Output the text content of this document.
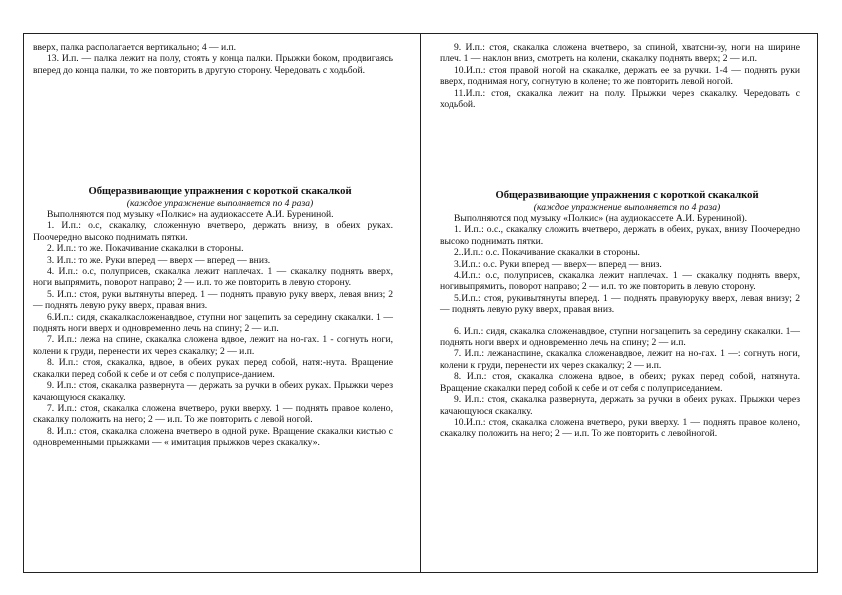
вверх, палка располагается вертикально; 4 — и.п.

13. И.п. — палка лежит на полу, стоять у конца палки. Прыжки боком, продвигаясь вперед до конца палки, то же повторить в другую сторону. Чередовать с ходьбой.

Общеразвивающие упражнения с короткой скакалкой

(каждое упражнение выполняется по 4 раза)

Выполняются под музыку «Полкис» на аудиокассете А.И. Бурениной.

1. И.п.: о.с, скакалку, сложенную вчетверо, держать внизу, в обеих руках. Поочередно высоко поднимать пятки.

2. И.п.: то же. Покачивание скакалки в стороны.

3. И.п.: то же. Руки вперед — вверх — вперед — вниз.

4. И.п.: о.с, полуприсев, скакалка лежит наплечах. 1 — скакалку поднять вверх, ноги выпрямить, поворот направо; 2 — и.п. то же повторить в левую сторону.

5. И.п.: стоя, руки вытянуты вперед. 1 — поднять правую руку вверх, левая вниз; 2 — поднять левую руку вверх, правая вниз.

6.И.п.: сидя, скакалкасложенавдвое, ступни ног зацепить за середину скакалки. 1 — поднять ноги вверх и одновременно лечь на спину; 2 — и.п.

7. И.п.: лежа на спине, скакалка сложена вдвое, лежит на но-гах. 1 - согнуть ноги, колени к груди, перенести их через скакалку; 2 — и.п.

8. И.п.: стоя, скакалка, вдвое, в обеих руках перед собой, натя:-нута. Вращение скакалки перед собой к себе и от себя с полуприсе-данием.

9. И.п.: стоя, скакалка развернута — держать за ручки в обеих руках. Прыжки через качающуюся скакалку.

7. И.п.: стоя, скакалка сложена вчетверо, руки вверху. 1 — поднять правое колено, скакалку положить на него; 2 — и.п. То же повторить с левой ногой.

8. И.п.: стоя, скакалка сложена вчетверо в одной руке. Вращение скакалки кистью с одновременными прыжками — « имитация прыжков через скакалку».

9. И.п.: стоя, скакалка сложена вчетверо, за спиной, хватсни-зу, ноги на ширине плеч. 1 — наклон вниз, смотреть на колени, скакалку поднять вверх; 2 — и.п.

10.И.п.: стоя правой ногой на скакалке, держать ее за ручки. 1-4 — поднять руки вверх, поднимая ногу, согнутую в колене; то же повторить левой ногой.

11.И.п.: стоя, скакалка лежит на полу. Прыжки через скакалку. Чередовать с ходьбой.

Общеразвивающие упражнения с короткой скакалкой

(каждое упражнение выполняется по 4 раза)

Выполняются под музыку «Полкис» (на аудиокассете А.И. Бурениной).

1. И.п.: о.с., скакалку сложить вчетверо, держать в обеих, руках, внизу Поочередно высоко поднимать пятки.

2..И.п.: о.с. Покачивание скакалки в стороны.

3.И.п.: о.с. Руки вперед — вверх— вперед — вниз.

4.И.п.: о.с, полуприсев, скакалка лежит наплечах. 1 — скакалку поднять вверх, ногивыпрямить, поворот направо; 2 — и.п. то же повторить в левую сторону.

5.И.п.: стоя, рукивытянуты вперед. 1 — поднять правуюруку вверх, левая внизу; 2 — поднять левую руку вверх, правая вниз.

6. И.п.: сидя, скакалка сложенавдвое, ступни ногзацепить за середину скакалки. 1— поднять ноги вверх и одновременно лечь на спину; 2 — и.п.

7. И.п.: лежанаспине, скакалка сложенавдвое, лежит на но-гах. 1 —: согнуть ноги, колени к груди, перенести их через скакалку; 2 — и.п.

8. И.п.: стоя, скакалка сложена вдвое, в обеих; руках перед собой, натянута. Вращение скакалки перед собой к себе и от себя с полуприседанием.

9. И.п.: стоя, скакалка развернута, держать за ручки в обеих руках. Прыжки через качающуюся скакалку.

10.И.п.: стоя, скакалка сложена вчетверо, руки вверху. 1 — поднять правое колено, скакалку положить на него; 2 — и.п. То же повторить с левойногой.
